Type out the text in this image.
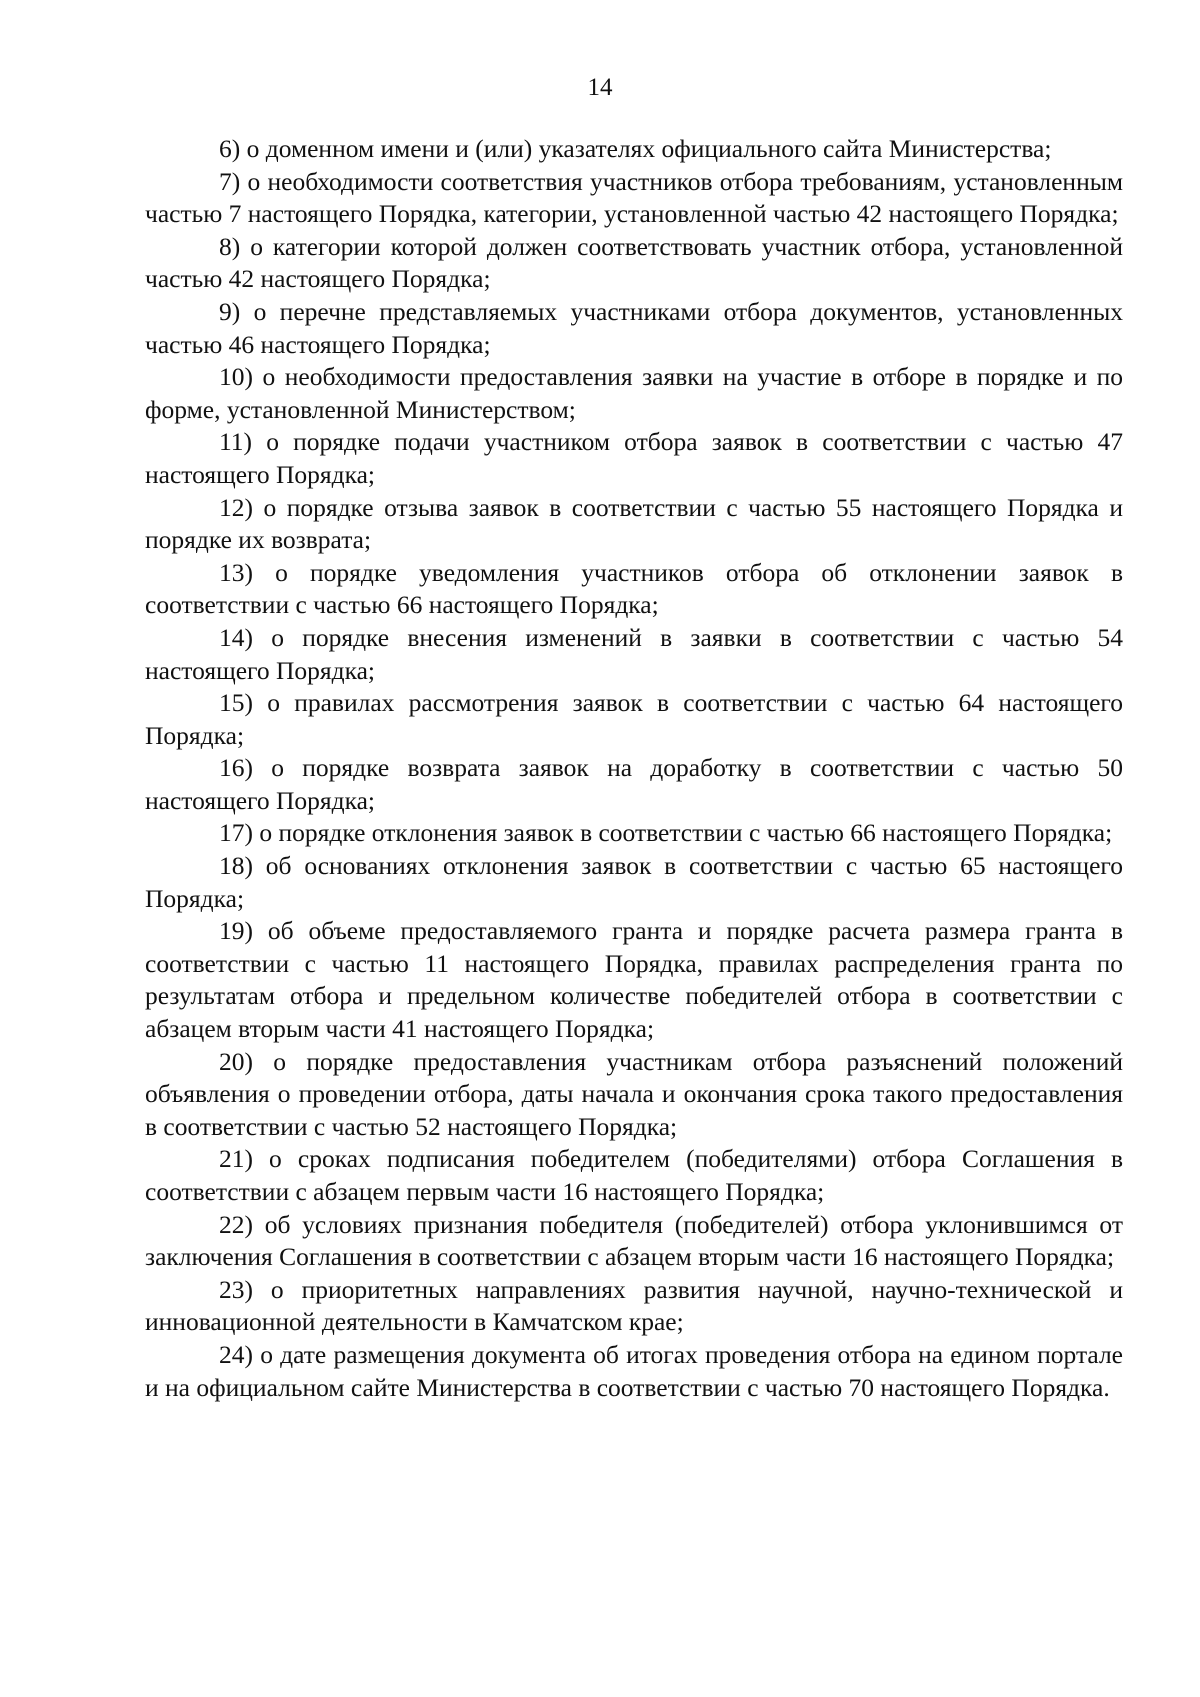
14

6) о доменном имени и (или) указателях официального сайта Министерства;

7) о необходимости соответствия участников отбора требованиям, установленным частью 7 настоящего Порядка, категории, установленной частью 42 настоящего Порядка;

8) о категории которой должен соответствовать участник отбора, установленной частью 42 настоящего Порядка;

9) о перечне представляемых участниками отбора документов, установленных частью 46 настоящего Порядка;

10) о необходимости предоставления заявки на участие в отборе в порядке и по форме, установленной Министерством;

11) о порядке подачи участником отбора заявок в соответствии с частью 47 настоящего Порядка;

12) о порядке отзыва заявок в соответствии с частью 55 настоящего Порядка и порядке их возврата;

13) о порядке уведомления участников отбора об отклонении заявок в соответствии с частью 66 настоящего Порядка;

14) о порядке внесения изменений в заявки в соответствии с частью 54 настоящего Порядка;

15) о правилах рассмотрения заявок в соответствии с частью 64 настоящего Порядка;

16) о порядке возврата заявок на доработку в соответствии с частью 50 настоящего Порядка;

17) о порядке отклонения заявок в соответствии с частью 66 настоящего Порядка;

18) об основаниях отклонения заявок в соответствии с частью 65 настоящего Порядка;

19) об объеме предоставляемого гранта и порядке расчета размера гранта в соответствии с частью 11 настоящего Порядка, правилах распределения гранта по результатам отбора и предельном количестве победителей отбора в соответствии с абзацем вторым части 41 настоящего Порядка;

20) о порядке предоставления участникам отбора разъяснений положений объявления о проведении отбора, даты начала и окончания срока такого предоставления в соответствии с частью 52 настоящего Порядка;

21) о сроках подписания победителем (победителями) отбора Соглашения в соответствии с абзацем первым части 16 настоящего Порядка;

22) об условиях признания победителя (победителей) отбора уклонившимся от заключения Соглашения в соответствии с абзацем вторым части 16 настоящего Порядка;

23) о приоритетных направлениях развития научной, научно-технической и инновационной деятельности в Камчатском крае;

24) о дате размещения документа об итогах проведения отбора на едином портале и на официальном сайте Министерства в соответствии с частью 70 настоящего Порядка.
